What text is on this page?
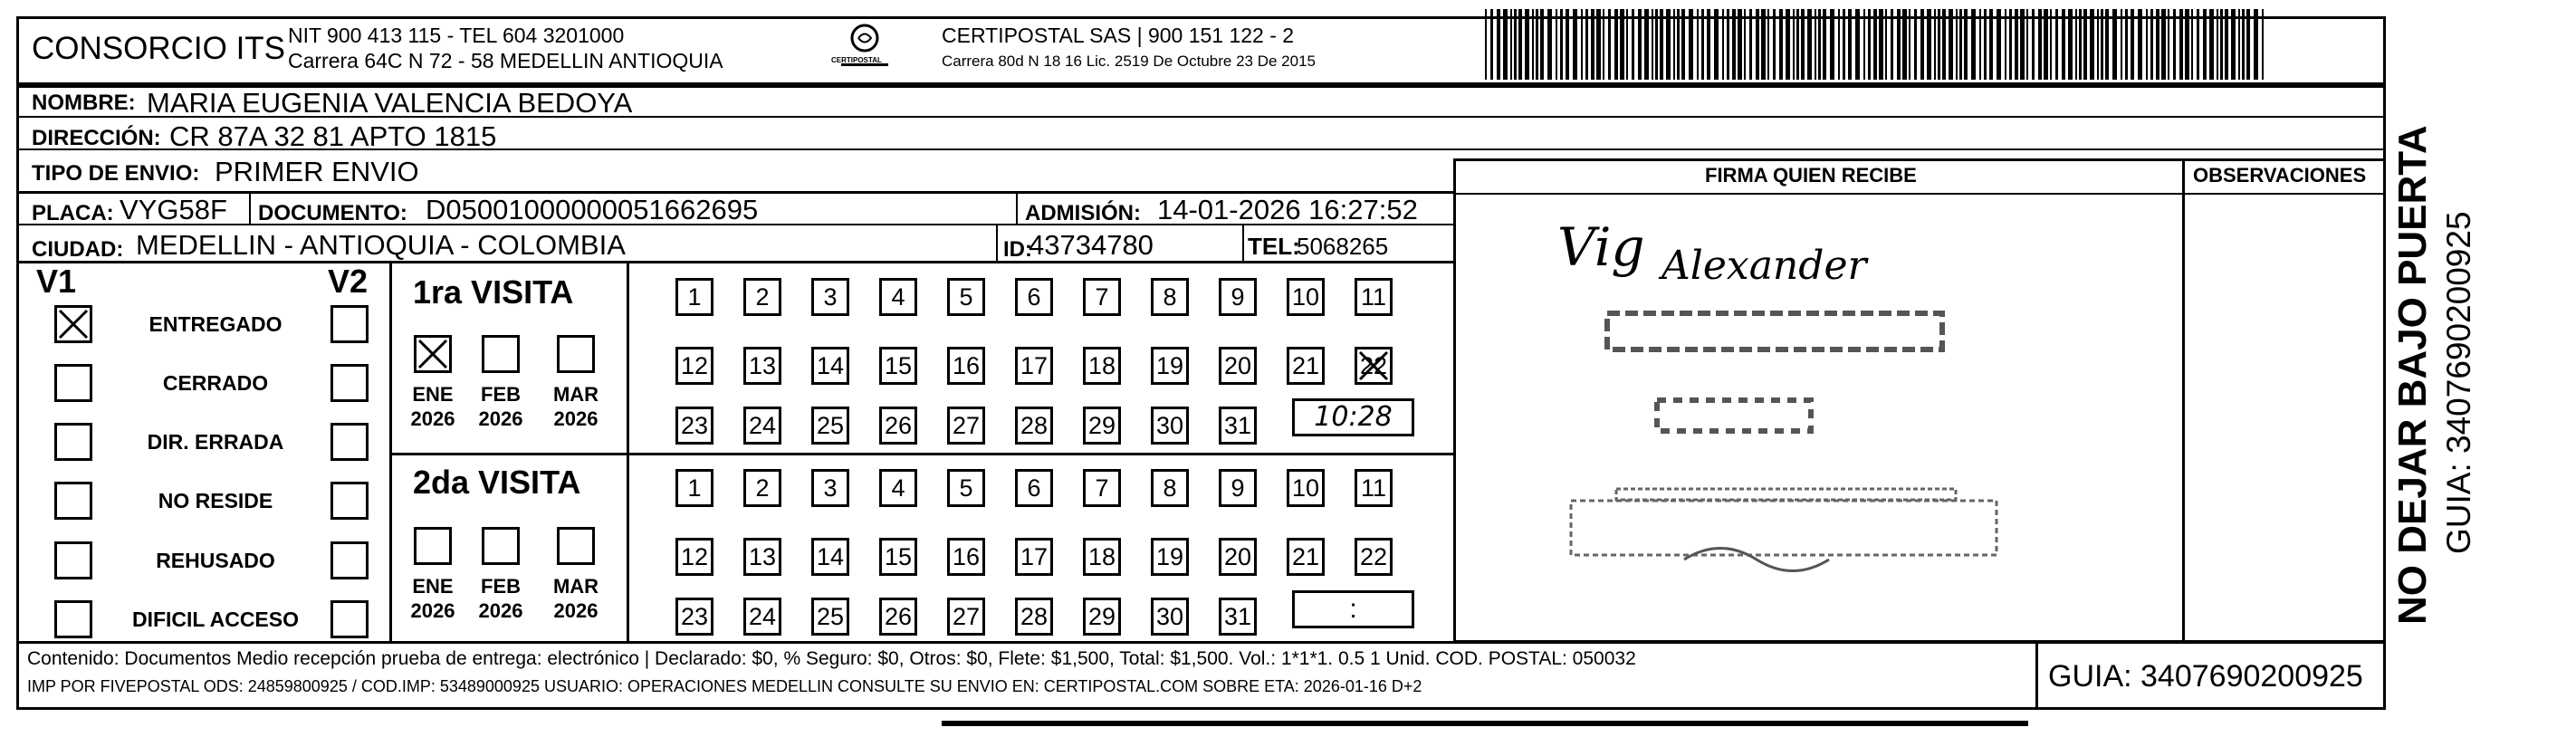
CONSORCIO ITS NIT 900 413 115 - TEL 604 3201000
Carrera 64C N 72 - 58 MEDELLIN ANTIOQUIA	CERTIPOSTAL
CERTIPOSTAL SAS | 900 151 122 - 2
Carrera 80d N 18 16 Lic. 2519 De Octubre 23 De 2015
FIRMA QUIEN RECIBE	OBSERVACIONES
NOMBRE: MARIA EUGENIA VALENCIA BEDOYA
DIRECCIÓN: CR 87A 32 81 APTO 1815
TIPO DE ENVIO: PRIMER ENVIO
PLACA: VYG58F DOCUMENTO: D05001000000051662695	ADMISIÓN: 14-01-2026 16:27:52
CIUDAD: MEDELLIN - ANTIOQUIA - COLOMBIA	ID:
43734780	TEL:
5068265
V1	V2
ENTREGADO
CERRADO
DIR. ERRADA
NO RESIDE
REHUSADO
DIFICIL ACCESO
1ra VISITA
2da VISITA
ENE
2026
FEB
2026
MAR
2026
ENE
2026
FEB
2026
MAR
2026
1	2	3	4	5	6	7	8	9	10 11
12 13 14 15 16 17 18 19 20 21 22
23 24 25 26 27 28 29 30 31
1	2	3	4	5	6	7	8	9	10 11
12 13 14 15 16 17 18 19 20 21 22
23 24 25 26 27 28 29 30 31
10:28
:
Vig Alexander
Contenido: Documentos Medio recepción prueba de entrega: electrónico | Declarado: $0, % Seguro: $0, Otros: $0, Flete: $1,500, Total: $1,500. Vol.: 1*1*1. 0.5 1 Unid. COD. POSTAL: 050032
IMP POR FIVEPOSTAL ODS: 24859800925 / COD.IMP: 53489000925 USUARIO: OPERACIONES MEDELLIN CONSULTE SU ENVIO EN: CERTIPOSTAL.COM SOBRE ETA: 2026-01-16 D+2	GUIA: 3407690200925
NO DEJAR BAJO PUERTA GUIA: 3407690200925
